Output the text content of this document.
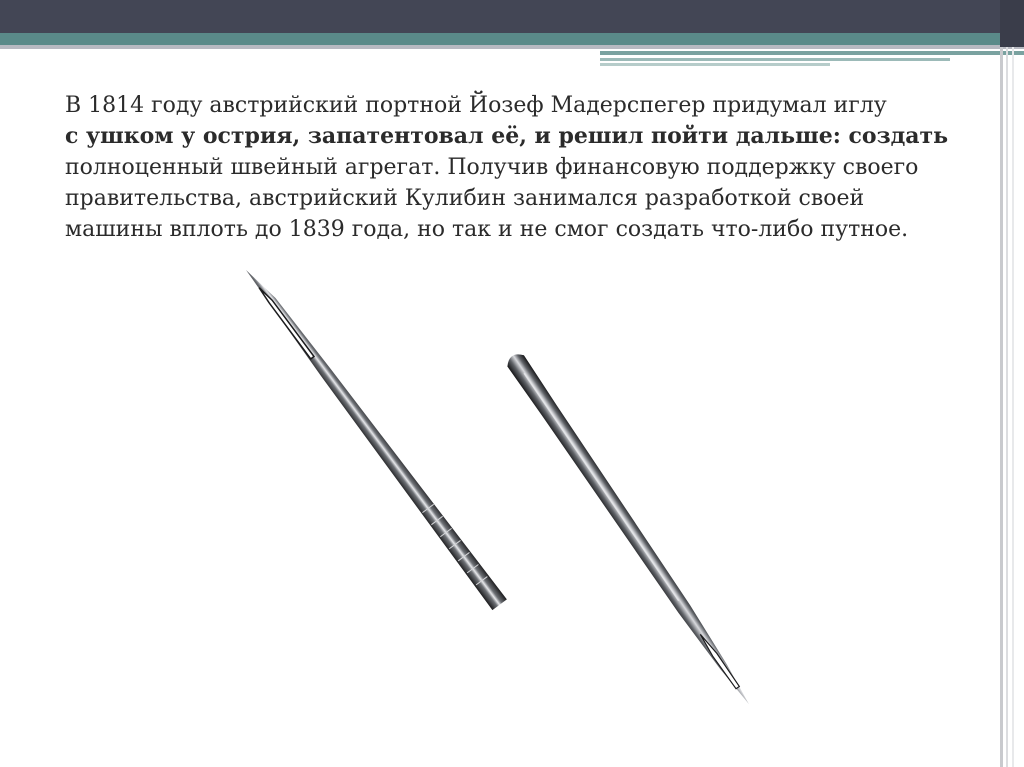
В 1814 году австрийский портной Йозеф Мадерспегер придумал иглу
с ушком у острия, запатентовал её, и решил пойти дальше: создать
полноценный швейный агрегат. Получив финансовую поддержку своего
правительства, австрийский Кулибин занимался разработкой своей
машины вплоть до 1839 года, но так и не смог создать что-либо путное.
